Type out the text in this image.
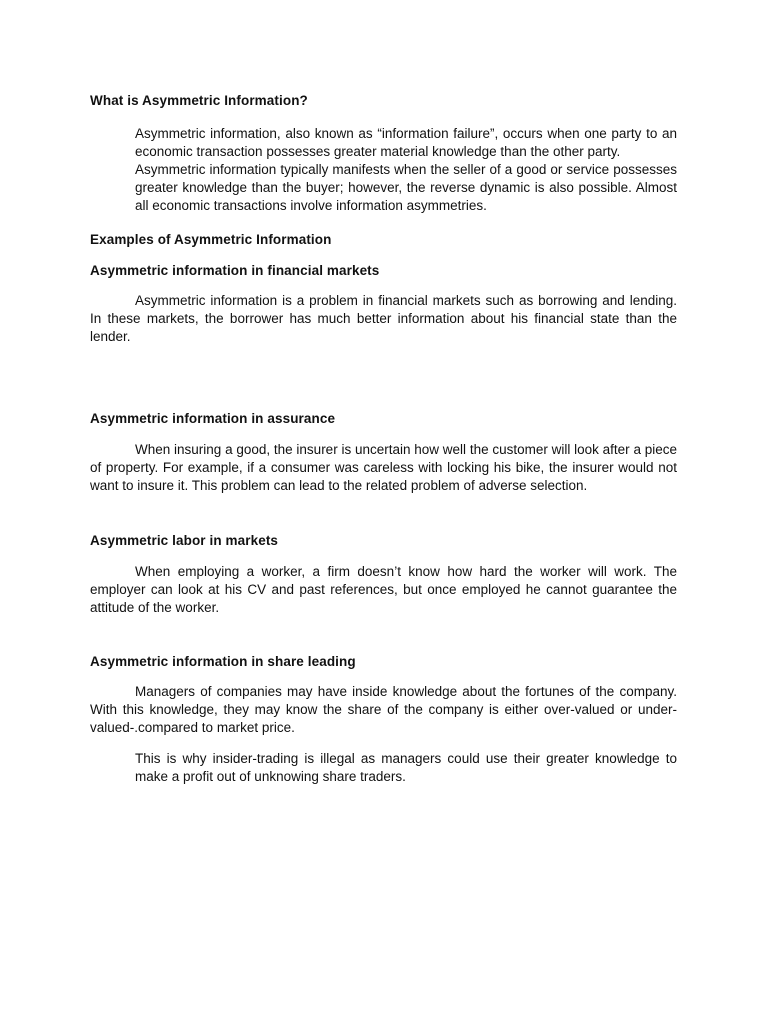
What is Asymmetric Information?

Asymmetric information, also known as “information failure”, occurs when one party to an economic transaction possesses greater material knowledge than the other party.

Asymmetric information typically manifests when the seller of a good or service possesses greater knowledge than the buyer; however, the reverse dynamic is also possible. Almost all economic transactions involve information asymmetries.

Examples of Asymmetric Information
Asymmetric information in financial markets

Asymmetric information is a problem in financial markets such as borrowing and lending. In these markets, the borrower has much better information about his financial state than the lender.

Asymmetric information in assurance

When insuring a good, the insurer is uncertain how well the customer will look after a piece of property. For example, if a consumer was careless with locking his bike, the insurer would not want to insure it. This problem can lead to the related problem of adverse selection.

Asymmetric labor in markets

When employing a worker, a firm doesn’t know how hard the worker will work. The employer can look at his CV and past references, but once employed he cannot guarantee the attitude of the worker.

Asymmetric information in share leading

Managers of companies may have inside knowledge about the fortunes of the company. With this knowledge, they may know the share of the company is either over-valued or under-valued-.compared to market price.

This is why insider-trading is illegal as managers could use their greater knowledge to make a profit out of unknowing share traders.
